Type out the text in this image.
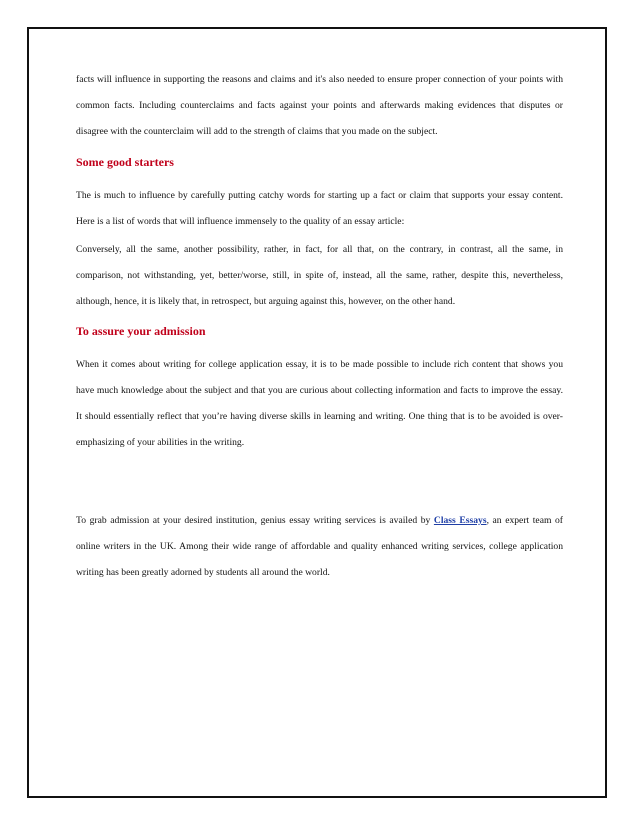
facts will influence in supporting the reasons and claims and it's also needed to ensure proper connection of your points with common facts. Including counterclaims and facts against your points and afterwards making evidences that disputes or disagree with the counterclaim will add to the strength of claims that you made on the subject.

Some good starters

The is much to influence by carefully putting catchy words for starting up a fact or claim that supports your essay content. Here is a list of words that will influence immensely to the quality of an essay article:

Conversely, all the same, another possibility, rather, in fact, for all that, on the contrary, in contrast, all the same, in comparison, not withstanding, yet, better/worse, still, in spite of, instead, all the same, rather, despite this, nevertheless, although, hence, it is likely that, in retrospect, but arguing against this, however, on the other hand.

To assure your admission

When it comes about writing for college application essay, it is to be made possible to include rich content that shows you have much knowledge about the subject and that you are curious about collecting information and facts to improve the essay. It should essentially reflect that you’re having diverse skills in learning and writing. One thing that is to be avoided is over-emphasizing of your abilities in the writing.

To grab admission at your desired institution, genius essay writing services is availed by Class Essays, an expert team of online writers in the UK. Among their wide range of affordable and quality enhanced writing services, college application writing has been greatly adorned by students all around the world.
